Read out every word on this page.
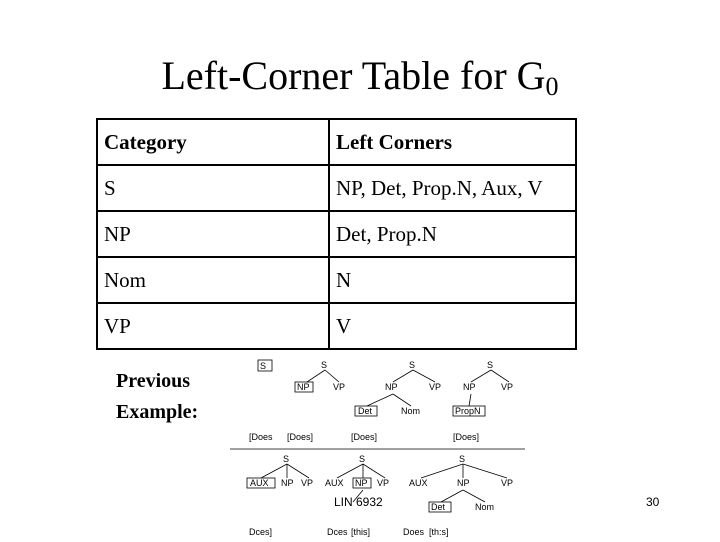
Left-Corner Table for $G_0$
Category	Left Corners
S	NP, Det, Prop.N, Aux, V
NP	Det, Prop.N
Nom	N
VP	V
Previous
Example:
S	S
NP	VP
S
NP	VP
Det	Nom
S
NP	VP
PropN
[Does [Does]	[Does]	[Does]
S
AUX NP VP
S
AUX NP VP
S
AUX	NP	VP
Det	Nom
Dces]	Dces [this]	Does [th:s]
LIN 6932	30
